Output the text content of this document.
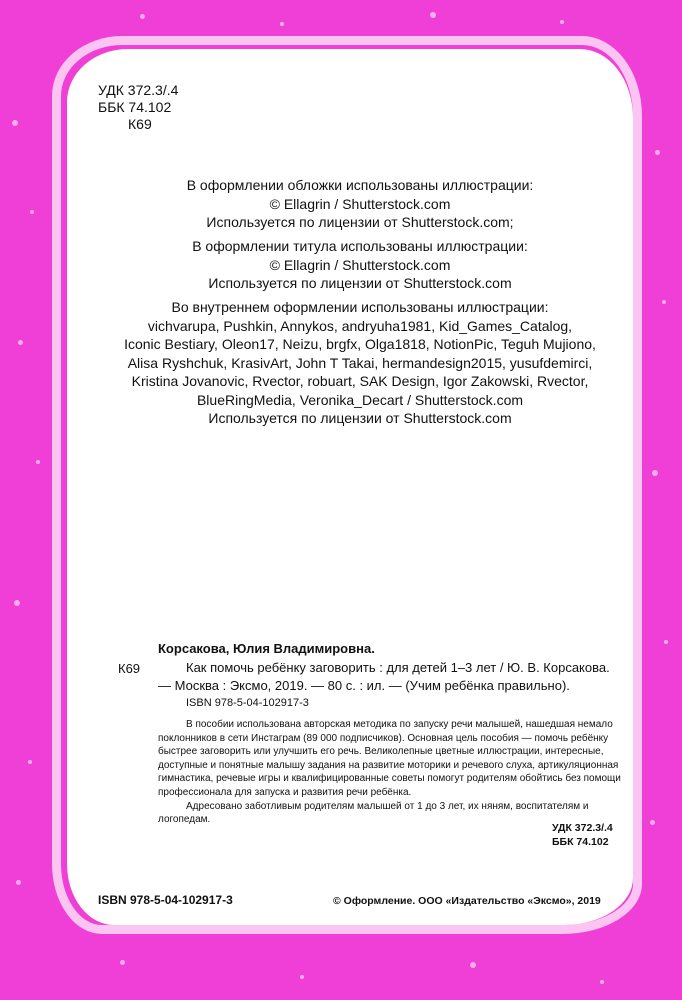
УДК 372.3/.4
ББК 74.102
К69
В оформлении обложки использованы иллюстрации:
© Ellagrin / Shutterstock.com
Используется по лицензии от Shutterstock.com;
В оформлении титула использованы иллюстрации:
© Ellagrin / Shutterstock.com
Используется по лицензии от Shutterstock.com
Во внутреннем оформлении использованы иллюстрации:
vichvarupa, Pushkin, Annykos, andryuha1981, Kid_Games_Catalog,
Iconic Bestiary, Oleon17, Neizu, brgfx, Olga1818, NotionPic, Teguh Mujiono,
Alisa Ryshchuk, KrasivArt, John T Takai, hermandesign2015, yusufdemirci,
Kristina Jovanovic, Rvector, robuart, SAK Design, Igor Zakowski, Rvector,
BlueRingMedia, Veronika_Decart / Shutterstock.com
Используется по лицензии от Shutterstock.com
Корсакова, Юлия Владимировна.
К69	Как помочь ребёнку заговорить : для детей 1–3 лет / Ю. В. Корсакова.
— Москва : Эксмо, 2019. — 80 с. : ил. — (Учим ребёнка правильно).
ISBN 978-5-04-102917-3

В пособии использована авторская методика по запуску речи малышей, нашедшая немало поклонников в сети Инстаграм (89 000 подписчиков). Основная цель пособия — помочь ребёнку быстрее заговорить или улучшить его речь. Великолепные цветные иллюстрации, интересные, доступные и понятные малышу задания на развитие моторики и речевого слуха, артикуляционная гимнастика, речевые игры и квалифицированные советы помогут родителям обойтись без помощи профессионала для запуска и развития речи ребёнка.

Адресовано заботливым родителям малышей от 1 до 3 лет, их няням, воспитателям и логопедам.

УДК 372.3/.4
ББК 74.102
ISBN 978-5-04-102917-3	© Оформление. ООО «Издательство «Эксмо», 2019
